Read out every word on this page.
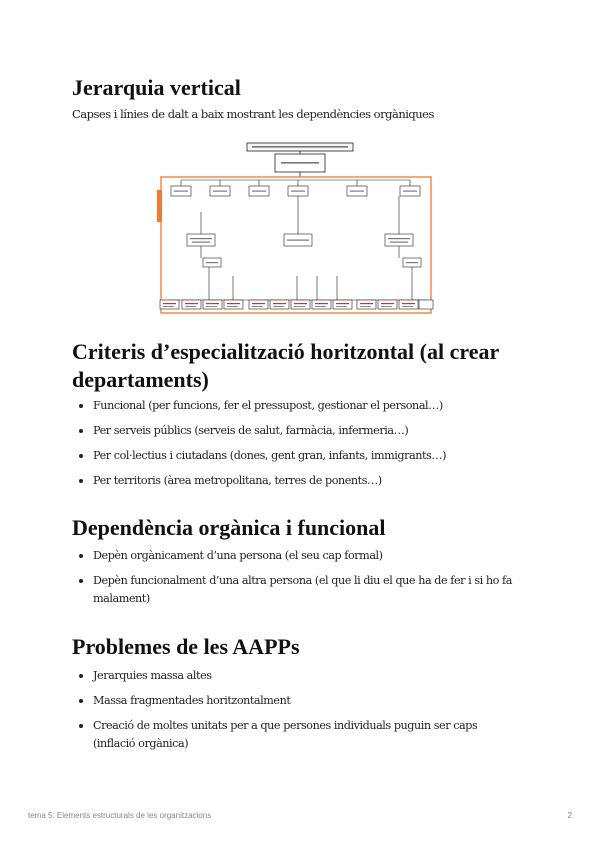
Jerarquia vertical

Capses i línies de dalt a baix mostrant les dependències orgàniques

Criteris d’especialització horitzontal (al crear
departaments)
Funcional (per funcions, fer el pressupost, gestionar el personal…)
Per serveis públics (serveis de salut, farmàcia, infermeria…)
Per col·lectius i ciutadans (dones, gent gran, infants, immigrants…)
Per territoris (àrea metropolitana, terres de ponents…)
Dependència orgànica i funcional
Depèn orgànicament d’una persona (el seu cap formal)
Depèn funcionalment d’una altra persona (el que li diu el que ha de fer i si ho fa malament)
Problemes de les AAPPs
Jerarquies massa altes
Massa fragmentades horitzontalment
Creació de moltes unitats per a que persones individuals puguin ser caps (inflació orgànica)

tema 5: Elements estructurals de les organitzacions	2
